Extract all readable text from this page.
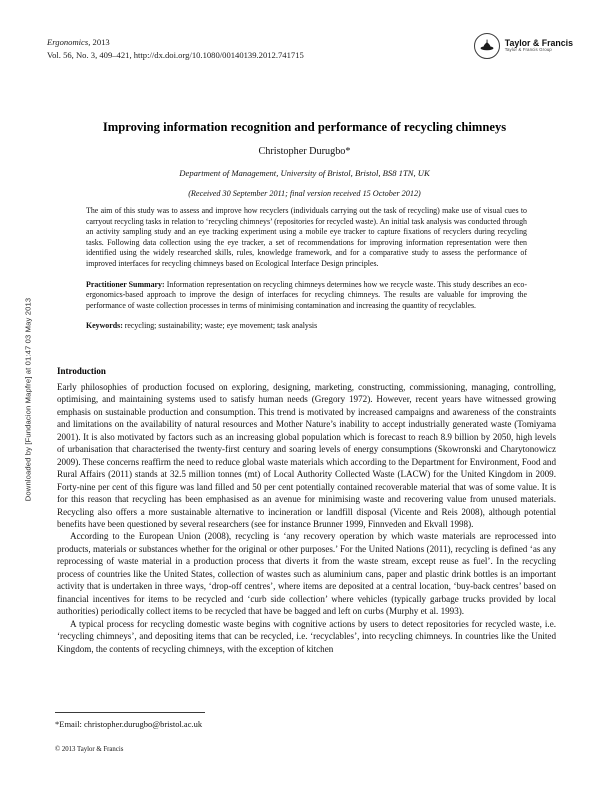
Downloaded by [Fundacion Mapfre] at 01:47 03 May 2013
Ergonomics, 2013
Vol. 56, No. 3, 409–421, http://dx.doi.org/10.1080/00140139.2012.741715
Taylor & Francis
Taylor & Francis Group
Improving information recognition and performance of recycling chimneys
Christopher Durugbo*
Department of Management, University of Bristol, Bristol, BS8 1TN, UK
(Received 30 September 2011; final version received 15 October 2012)

The aim of this study was to assess and improve how recyclers (individuals carrying out the task of recycling) make use of visual cues to carryout recycling tasks in relation to ‘recycling chimneys’ (repositories for recycled waste). An initial task analysis was conducted through an activity sampling study and an eye tracking experiment using a mobile eye tracker to capture fixations of recyclers during recycling tasks. Following data collection using the eye tracker, a set of recommendations for improving information representation were then identified using the widely researched skills, rules, knowledge framework, and for a comparative study to assess the performance of improved interfaces for recycling chimneys based on Ecological Interface Design principles.

Practitioner Summary: Information representation on recycling chimneys determines how we recycle waste. This study describes an eco-ergonomics-based approach to improve the design of interfaces for recycling chimneys. The results are valuable for improving the performance of waste collection processes in terms of minimising contamination and increasing the quantity of recyclables.

Keywords: recycling; sustainability; waste; eye movement; task analysis

Introduction

Early philosophies of production focused on exploring, designing, marketing, constructing, commissioning, managing, controlling, optimising, and maintaining systems used to satisfy human needs (Gregory 1972). However, recent years have witnessed growing emphasis on sustainable production and consumption. This trend is motivated by increased campaigns and awareness of the constraints and limitations on the availability of natural resources and Mother Nature’s inability to accept industrially generated waste (Tomiyama 2001). It is also motivated by factors such as an increasing global population which is forecast to reach 8.9 billion by 2050, high levels of urbanisation that characterised the twenty-first century and soaring levels of energy consumptions (Skowronski and Charytonowicz 2009). These concerns reaffirm the need to reduce global waste materials which according to the Department for Environment, Food and Rural Affairs (2011) stands at 32.5 million tonnes (mt) of Local Authority Collected Waste (LACW) for the United Kingdom in 2009. Forty-nine per cent of this figure was land filled and 50 per cent potentially contained recoverable material that was of some value. It is for this reason that recycling has been emphasised as an avenue for minimising waste and recovering value from unused materials. Recycling also offers a more sustainable alternative to incineration or landfill disposal (Vicente and Reis 2008), although potential benefits have been questioned by several researchers (see for instance Brunner 1999, Finnveden and Ekvall 1998).

According to the European Union (2008), recycling is ‘any recovery operation by which waste materials are reprocessed into products, materials or substances whether for the original or other purposes.’ For the United Nations (2011), recycling is defined ‘as any reprocessing of waste material in a production process that diverts it from the waste stream, except reuse as fuel’. In the recycling process of countries like the United States, collection of wastes such as aluminium cans, paper and plastic drink bottles is an important activity that is undertaken in three ways, ‘drop-off centres’, where items are deposited at a central location, ‘buy-back centres’ based on financial incentives for items to be recycled and ‘curb side collection’ where vehicles (typically garbage trucks provided by local authorities) periodically collect items to be recycled that have be bagged and left on curbs (Murphy et al. 1993).

A typical process for recycling domestic waste begins with cognitive actions by users to detect repositories for recycled waste, i.e. ‘recycling chimneys’, and depositing items that can be recycled, i.e. ‘recyclables’, into recycling chimneys. In countries like the United Kingdom, the contents of recycling chimneys, with the exception of kitchen

*Email: christopher.durugbo@bristol.ac.uk
© 2013 Taylor & Francis
